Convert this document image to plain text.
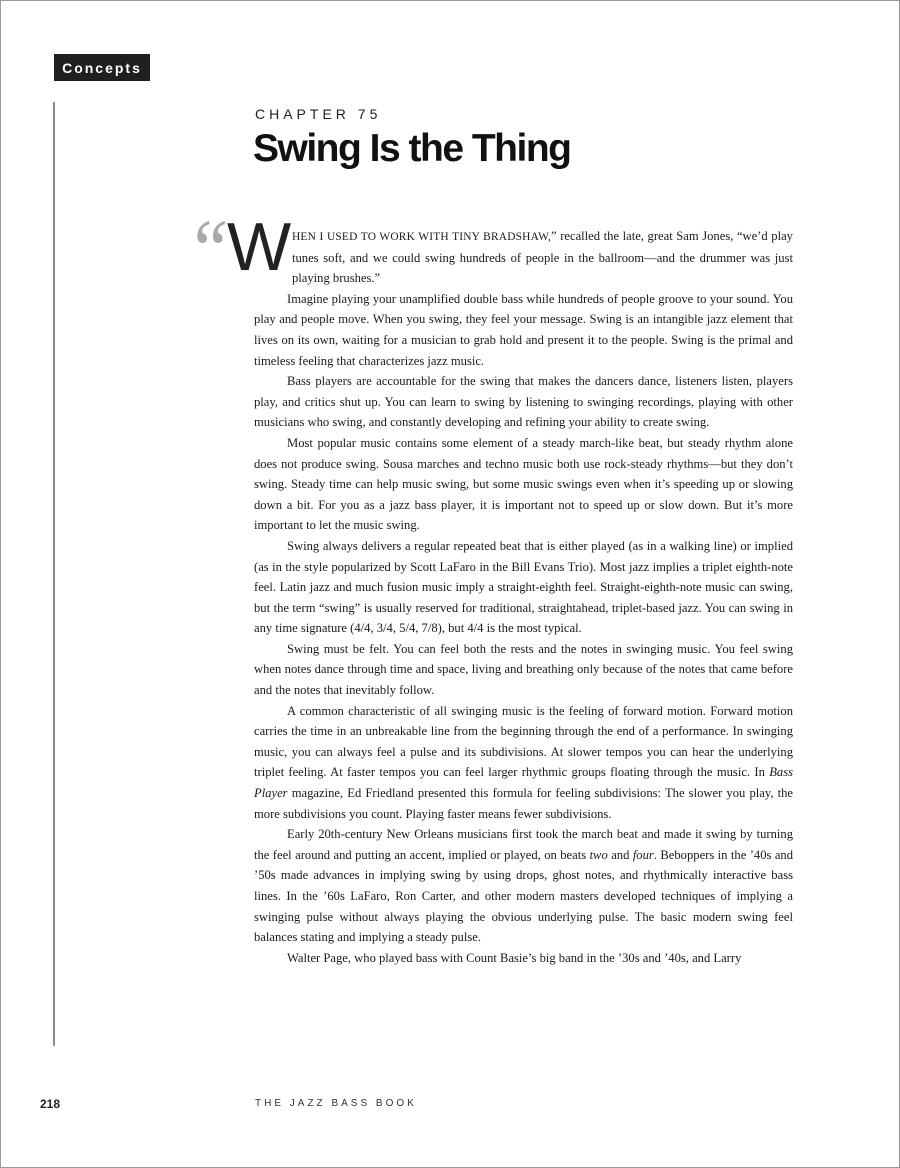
Concepts
CHAPTER 75
Swing Is the Thing
“
W HEN I USED TO WORK WITH TINY BRADSHAW,” recalled the late, great Sam Jones, “we’d play tunes soft, and we could swing hundreds of people in the ballroom—and the drummer was just playing brushes.”

Imagine playing your unamplified double bass while hundreds of people groove to your sound. You play and people move. When you swing, they feel your message. Swing is an intangible jazz element that lives on its own, waiting for a musician to grab hold and present it to the people. Swing is the primal and timeless feeling that characterizes jazz music.

Bass players are accountable for the swing that makes the dancers dance, listeners listen, players play, and critics shut up. You can learn to swing by listening to swinging recordings, playing with other musicians who swing, and constantly developing and refining your ability to create swing.

Most popular music contains some element of a steady march-like beat, but steady rhythm alone does not produce swing. Sousa marches and techno music both use rock-steady rhythms—but they don’t swing. Steady time can help music swing, but some music swings even when it’s speeding up or slowing down a bit. For you as a jazz bass player, it is important not to speed up or slow down. But it’s more important to let the music swing.

Swing always delivers a regular repeated beat that is either played (as in a walking line) or implied (as in the style popularized by Scott LaFaro in the Bill Evans Trio). Most jazz implies a triplet eighth-note feel. Latin jazz and much fusion music imply a straight-eighth feel. Straight-eighth-note music can swing, but the term “swing” is usually reserved for traditional, straightahead, triplet-based jazz. You can swing in any time signature (4/4, 3/4, 5/4, 7/8), but 4/4 is the most typical.

Swing must be felt. You can feel both the rests and the notes in swinging music. You feel swing when notes dance through time and space, living and breathing only because of the notes that came before and the notes that inevitably follow.

A common characteristic of all swinging music is the feeling of forward motion. Forward motion carries the time in an unbreakable line from the beginning through the end of a performance. In swinging music, you can always feel a pulse and its subdivisions. At slower tempos you can hear the underlying triplet feeling. At faster tempos you can feel larger rhythmic groups floating through the music. In Bass Player magazine, Ed Friedland presented this formula for feeling subdivisions: The slower you play, the more subdivisions you count. Playing faster means fewer subdivisions.

Early 20th-century New Orleans musicians first took the march beat and made it swing by turning the feel around and putting an accent, implied or played, on beats two and four. Beboppers in the ’40s and ’50s made advances in implying swing by using drops, ghost notes, and rhythmically interactive bass lines. In the ’60s LaFaro, Ron Carter, and other modern masters developed techniques of implying a swinging pulse without always playing the obvious underlying pulse. The basic modern swing feel balances stating and implying a steady pulse.

Walter Page, who played bass with Count Basie’s big band in the ’30s and ’40s, and Larry

218	THE JAZZ BASS BOOK
